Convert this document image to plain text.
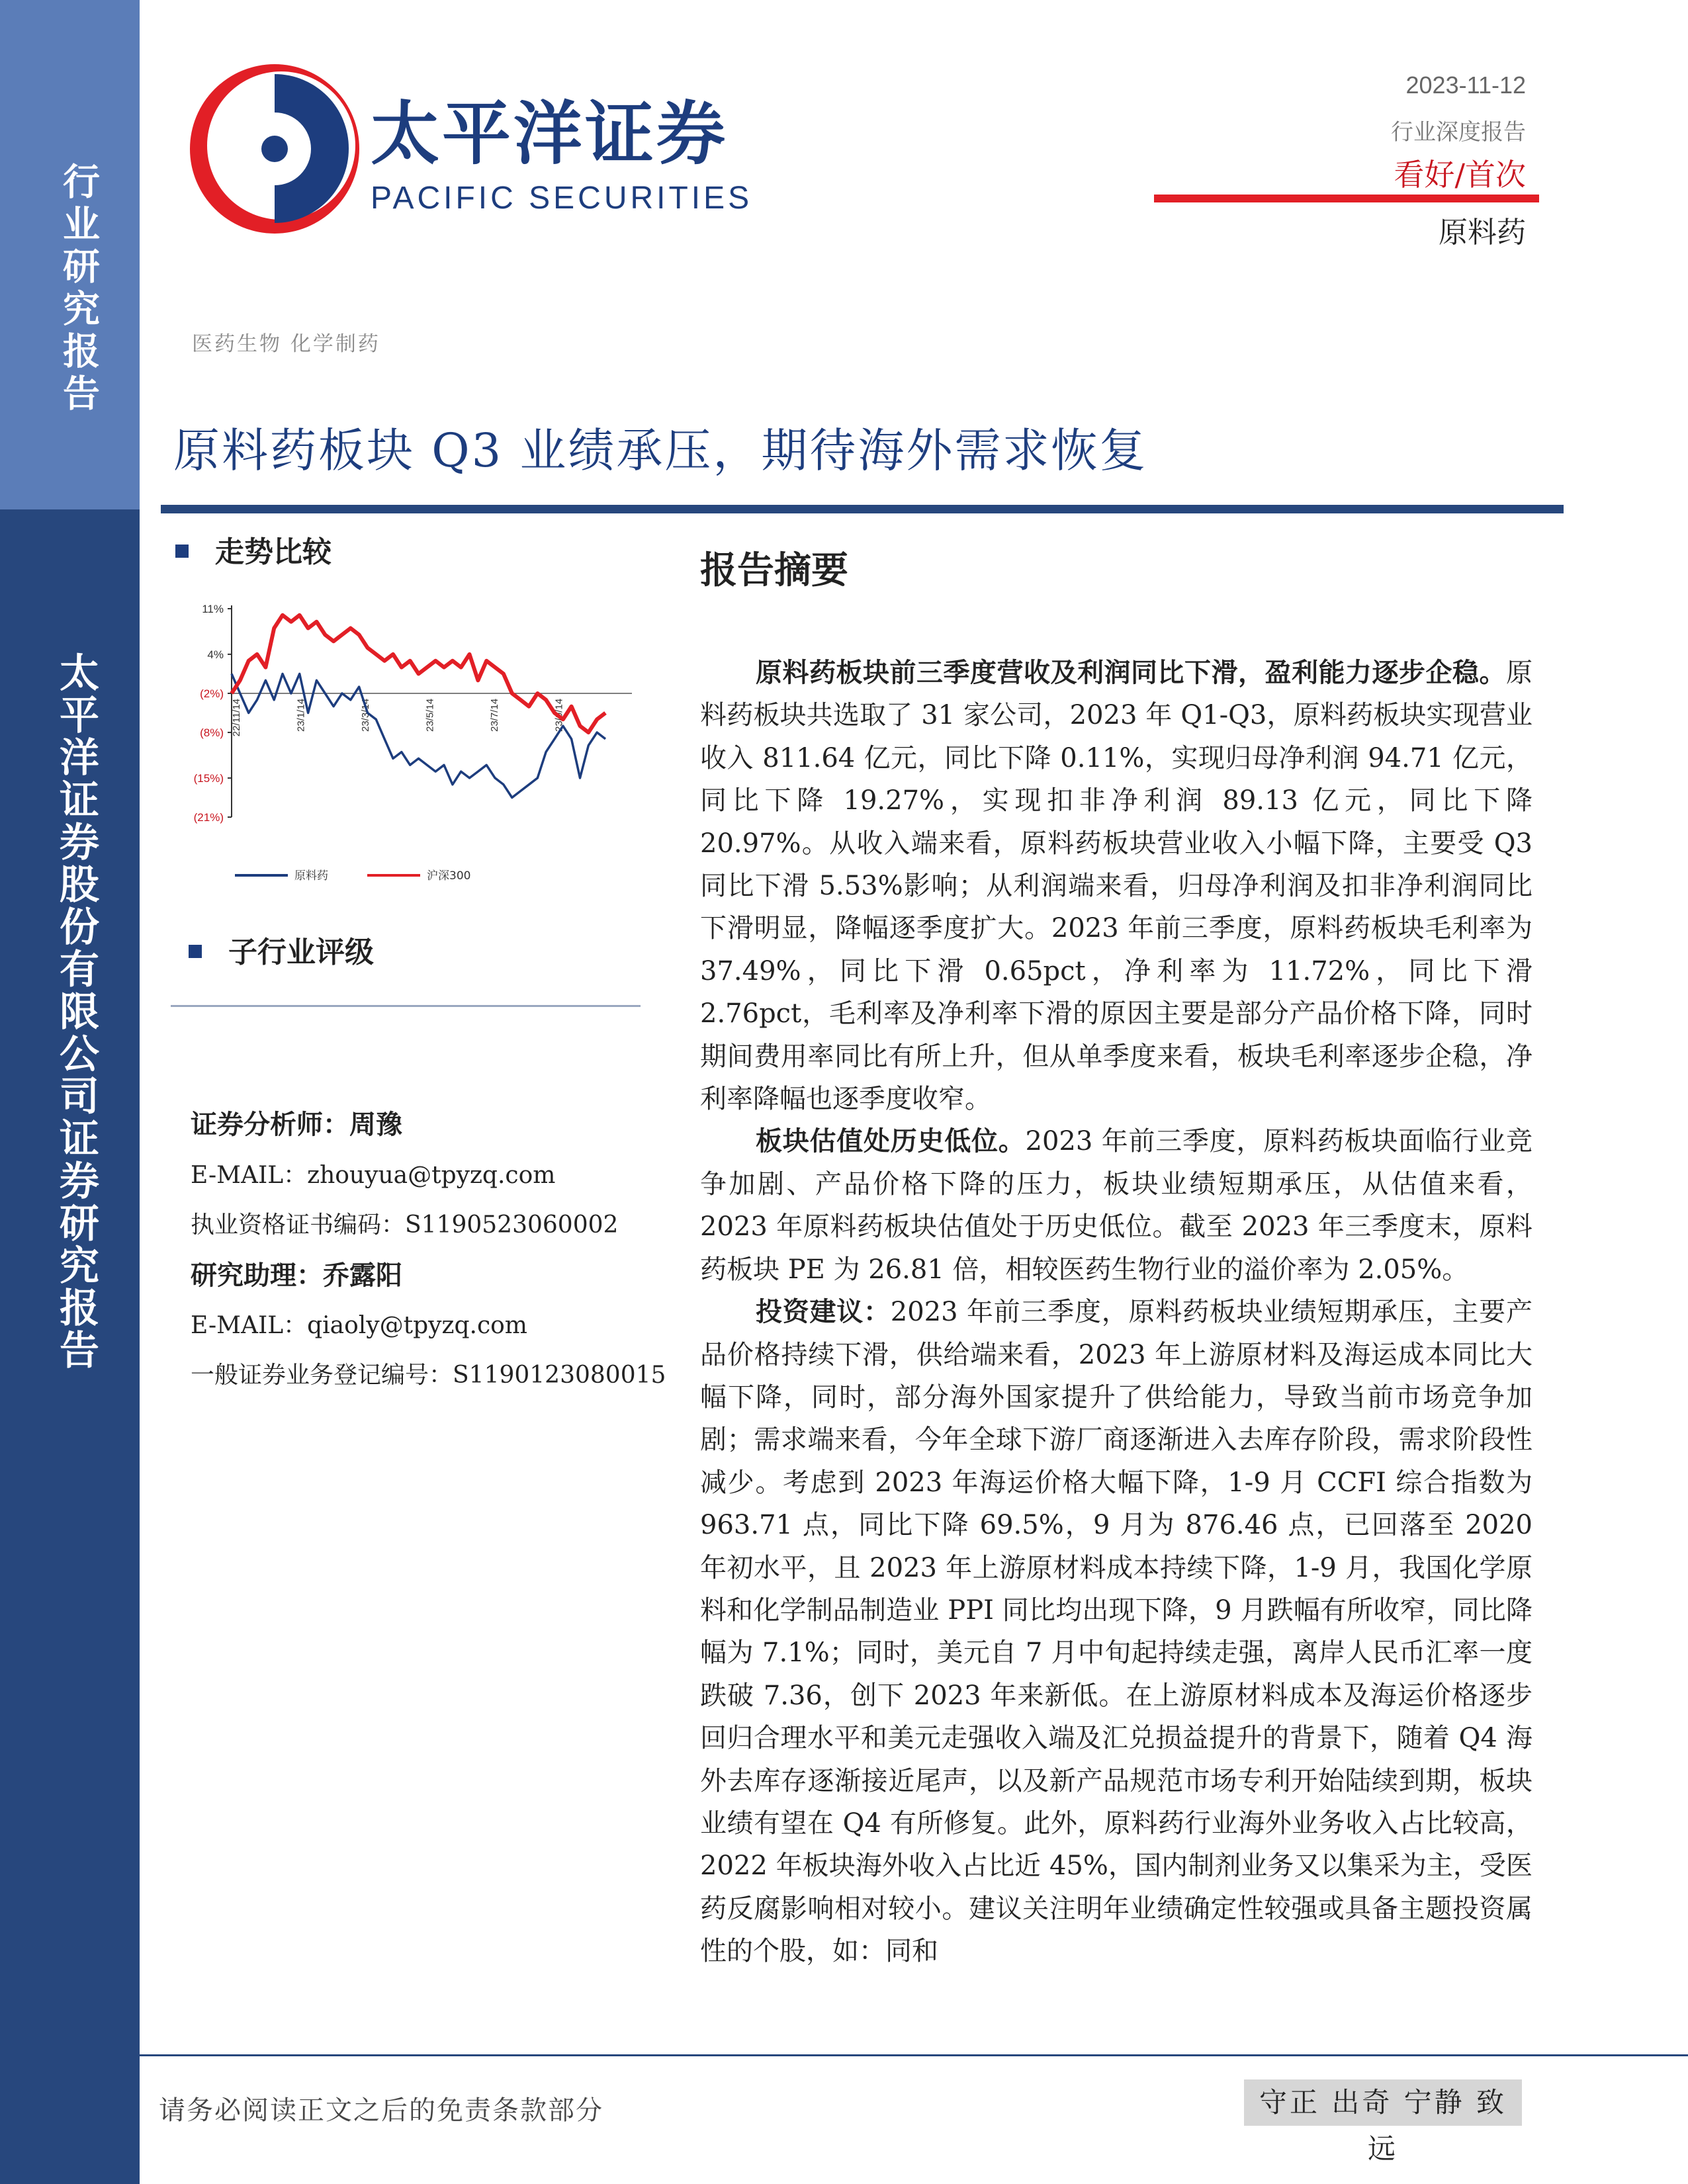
行业研究报告
太平洋证券股份有限公司证券研究报告
太平洋证券
PACIFIC SECURITIES
2023-11-12
行业深度报告
看好/首次
原料药
医药生物 化学制药
原料药板块 Q3 业绩承压，期待海外需求恢复
走势比较
11%
4%
(2%)
(8%)
(15%)
(21%)
22/11/14	23/1/14	23/3/14	23/5/14	23/7/14	23/9/14
原料药	沪深300
子行业评级
证券分析师：周豫
E-MAIL：zhouyua@tpyzq.com
执业资格证书编码：S1190523060002
研究助理：乔露阳
E-MAIL：qiaoly@tpyzq.com
一般证券业务登记编号：S1190123080015
报告摘要

原料药板块前三季度营收及利润同比下滑，盈利能力逐步企稳。原料药板块共选取了 31 家公司，2023 年 Q1-Q3，原料药板块实现营业收入 811.64 亿元，同比下降 0.11%，实现归母净利润 94.71 亿元，同比下降 19.27%，实现扣非净利润 89.13 亿元，同比下降 20.97%。从收入端来看，原料药板块营业收入小幅下降，主要受 Q3 同比下滑 5.53%影响；从利润端来看，归母净利润及扣非净利润同比下滑明显，降幅逐季度扩大。2023 年前三季度，原料药板块毛利率为 37.49%，同比下滑 0.65pct，净利率为 11.72%，同比下滑 2.76pct，毛利率及净利率下滑的原因主要是部分产品价格下降，同时期间费用率同比有所上升，但从单季度来看，板块毛利率逐步企稳，净利率降幅也逐季度收窄。

板块估值处历史低位。2023 年前三季度，原料药板块面临行业竞争加剧、产品价格下降的压力，板块业绩短期承压，从估值来看，2023 年原料药板块估值处于历史低位。截至 2023 年三季度末，原料药板块 PE 为 26.81 倍，相较医药生物行业的溢价率为 2.05%。

投资建议：2023 年前三季度，原料药板块业绩短期承压，主要产品价格持续下滑，供给端来看，2023 年上游原材料及海运成本同比大幅下降，同时，部分海外国家提升了供给能力，导致当前市场竞争加剧；需求端来看，今年全球下游厂商逐渐进入去库存阶段，需求阶段性减少。考虑到 2023 年海运价格大幅下降，1-9 月 CCFI 综合指数为 963.71 点，同比下降 69.5%，9 月为 876.46 点，已回落至 2020 年初水平，且 2023 年上游原材料成本持续下降，1-9 月，我国化学原料和化学制品制造业 PPI 同比均出现下降，9 月跌幅有所收窄，同比降幅为 7.1%；同时，美元自 7 月中旬起持续走强，离岸人民币汇率一度跌破 7.36，创下 2023 年来新低。在上游原材料成本及海运价格逐步回归合理水平和美元走强收入端及汇兑损益提升的背景下，随着 Q4 海外去库存逐渐接近尾声，以及新产品规范市场专利开始陆续到期，板块业绩有望在 Q4 有所修复。此外，原料药行业海外业务收入占比较高，2022 年板块海外收入占比近 45%，国内制剂业务又以集采为主，受医药反腐影响相对较小。建议关注明年业绩确定性较强或具备主题投资属性的个股，如：同和

请务必阅读正文之后的免责条款部分	守正 出奇 宁静 致远
